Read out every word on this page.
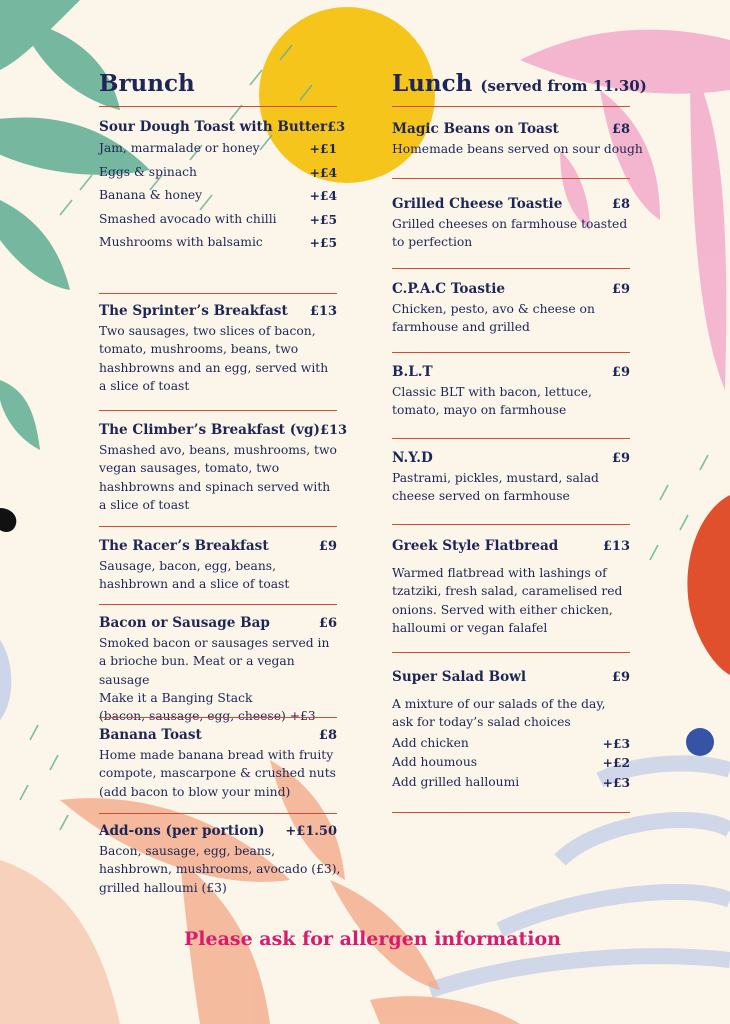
Brunch
Sour Dough Toast with Butter £3
Jam, marmalade or honey	+£1
Eggs & spinach	+£4
Banana & honey	+£4
Smashed avocado with chilli	+£5
Mushrooms with balsamic	+£5
The Sprinter’s Breakfast £13
Two sausages, two slices of bacon, tomato, mushrooms, beans, two hashbrowns and an egg, served with a slice of toast
The Climber’s Breakfast (vg) £13
Smashed avo, beans, mushrooms, two vegan sausages, tomato, two hashbrowns and spinach served with a slice of toast
The Racer’s Breakfast	£9
Sausage, bacon, egg, beans, hashbrown and a slice of toast
Bacon or Sausage Bap	£6
Smoked bacon or sausages served in a brioche bun. Meat or a vegan sausage
Make it a Banging Stack
(bacon, sausage, egg, cheese) +£3
Banana Toast	£8
Home made banana bread with fruity compote, mascarpone & crushed nuts (add bacon to blow your mind)
Add-ons (per portion) +£1.50
Bacon, sausage, egg, beans, hashbrown, mushrooms, avocado (£3), grilled halloumi (£3)
Lunch (served from 11.30)
Magic Beans on Toast	£8
Homemade beans served on sour dough
Grilled Cheese Toastie	£8
Grilled cheeses on farmhouse toasted to perfection
C.P.A.C Toastie	£9
Chicken, pesto, avo & cheese on farmhouse and grilled
B.L.T	£9
Classic BLT with bacon, lettuce, tomato, mayo on farmhouse
N.Y.D	£9
Pastrami, pickles, mustard, salad cheese served on farmhouse
Greek Style Flatbread	£13
Warmed flatbread with lashings of tzatziki, fresh salad, caramelised red onions. Served with either chicken, halloumi or vegan falafel
Super Salad Bowl	£9
A mixture of our salads of the day, ask for today’s salad choices
Add chicken	+£3
Add houmous	+£2
Add grilled halloumi	+£3
Please ask for allergen information
